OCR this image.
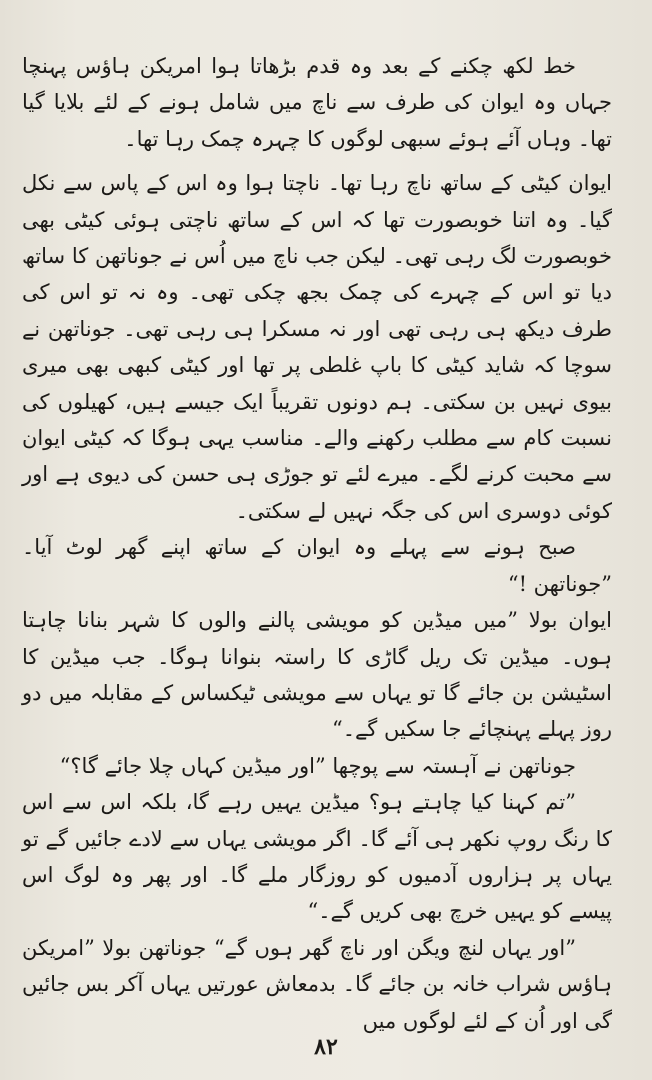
خط لکھ چکنے کے بعد وہ قدم بڑھاتا ہوا امریکن ہاؤس پہنچا جہاں وہ ایوان کی طرف سے ناچ میں شامل ہونے کے لئے بلایا گیا تھا۔ وہاں آئے ہوئے سبھی لوگوں کا چہرہ چمک رہا تھا۔

ایوان کیٹی کے ساتھ ناچ رہا تھا۔ ناچتا ہوا وہ اس کے پاس سے نکل گیا۔ وہ اتنا خوبصورت تھا کہ اس کے ساتھ ناچتی ہوئی کیٹی بھی خوبصورت لگ رہی تھی۔ لیکن جب ناچ میں اُس نے جوناتھن کا ساتھ دیا تو اس کے چہرے کی چمک بجھ چکی تھی۔ وہ نہ تو اس کی طرف دیکھ ہی رہی تھی اور نہ مسکرا ہی رہی تھی۔ جوناتھن نے سوچا کہ شاید کیٹی کا باپ غلطی پر تھا اور کیٹی کبھی بھی میری بیوی نہیں بن سکتی۔ ہم دونوں تقریباً ایک جیسے ہیں، کھیلوں کی نسبت کام سے مطلب رکھنے والے۔ مناسب یہی ہوگا کہ کیٹی ایوان سے محبت کرنے لگے۔ میرے لئے تو جوڑی ہی حسن کی دیوی ہے اور کوئی دوسری اس کی جگہ نہیں لے سکتی۔

صبح ہونے سے پہلے وہ ایوان کے ساتھ اپنے گھر لوٹ آیا۔ ”جوناتھن !“

ایوان بولا ”میں میڈین کو مویشی پالنے والوں کا شہر بنانا چاہتا ہوں۔ میڈین تک ریل گاڑی کا راستہ بنوانا ہوگا۔ جب میڈین کا اسٹیشن بن جائے گا تو یہاں سے مویشی ٹیکساس کے مقابلہ میں دو روز پہلے پہنچائے جا سکیں گے۔“

جوناتھن نے آہستہ سے پوچھا ”اور میڈین کہاں چلا جائے گا؟“

”تم کہنا کیا چاہتے ہو؟ میڈین یہیں رہے گا، بلکہ اس سے اس کا رنگ روپ نکھر ہی آئے گا۔ اگر مویشی یہاں سے لادے جائیں گے تو یہاں پر ہزاروں آدمیوں کو روزگار ملے گا۔ اور پھر وہ لوگ اس پیسے کو یہیں خرچ بھی کریں گے۔“

”اور یہاں لنچ ویگن اور ناچ گھر ہوں گے“ جوناتھن بولا ”امریکن ہاؤس شراب خانہ بن جائے گا۔ بدمعاش عورتیں یہاں آکر بس جائیں گی اور اُن کے لئے لوگوں میں

۸۲
